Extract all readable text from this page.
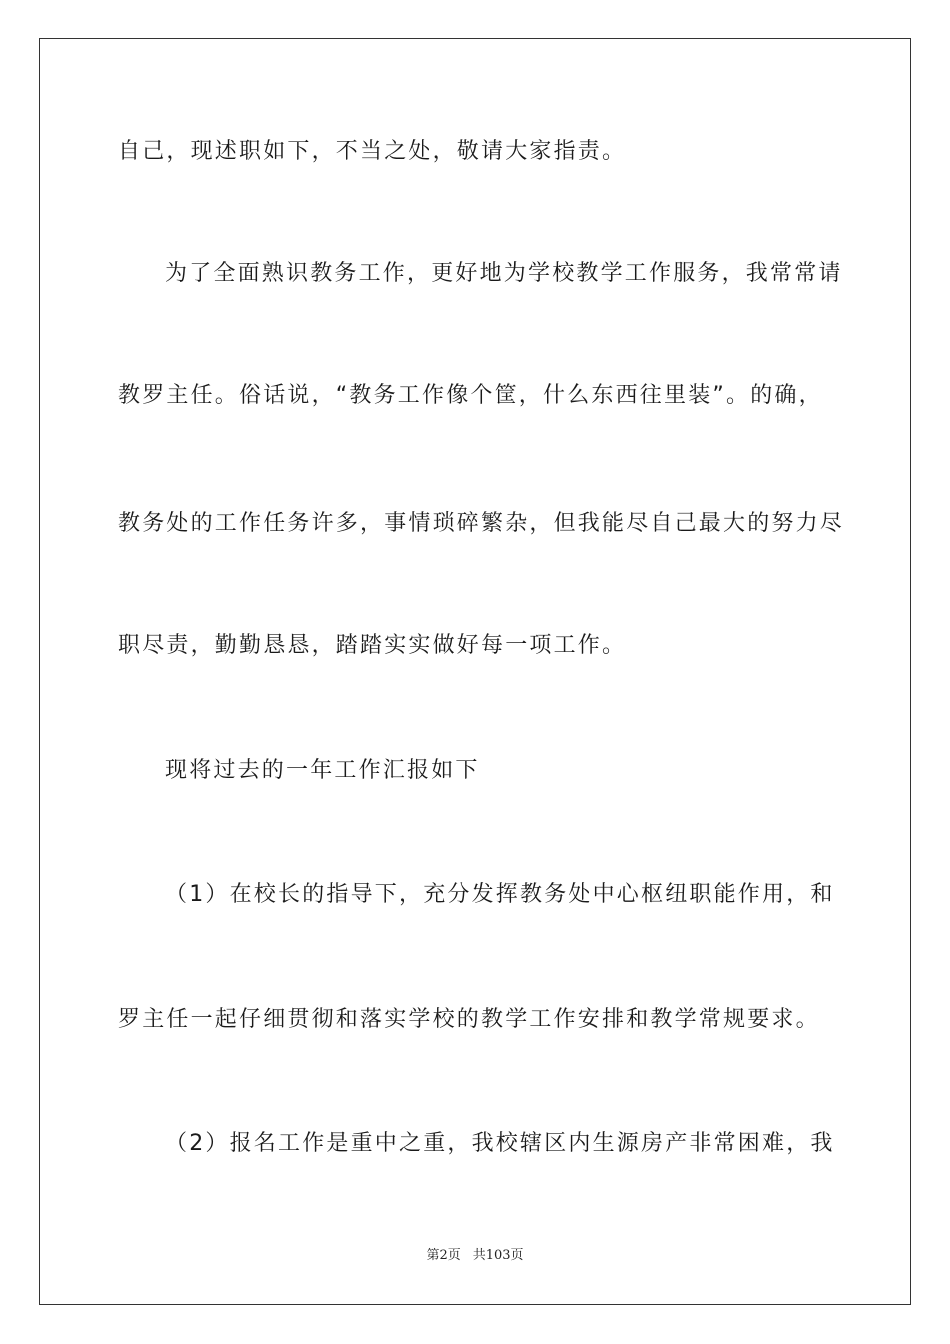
自己，现述职如下，不当之处，敬请大家指责。
为了全面熟识教务工作，更好地为学校教学工作服务，我常常请
教罗主任。俗话说，“教务工作像个筐，什么东西往里装”。的确，
教务处的工作任务许多，事情琐碎繁杂，但我能尽自己最大的努力尽
职尽责，勤勤恳恳，踏踏实实做好每一项工作。
现将过去的一年工作汇报如下
（1）在校长的指导下，充分发挥教务处中心枢纽职能作用，和
罗主任一起仔细贯彻和落实学校的教学工作安排和教学常规要求。
（2）报名工作是重中之重，我校辖区内生源房产非常困难，我
第2页 共103页
